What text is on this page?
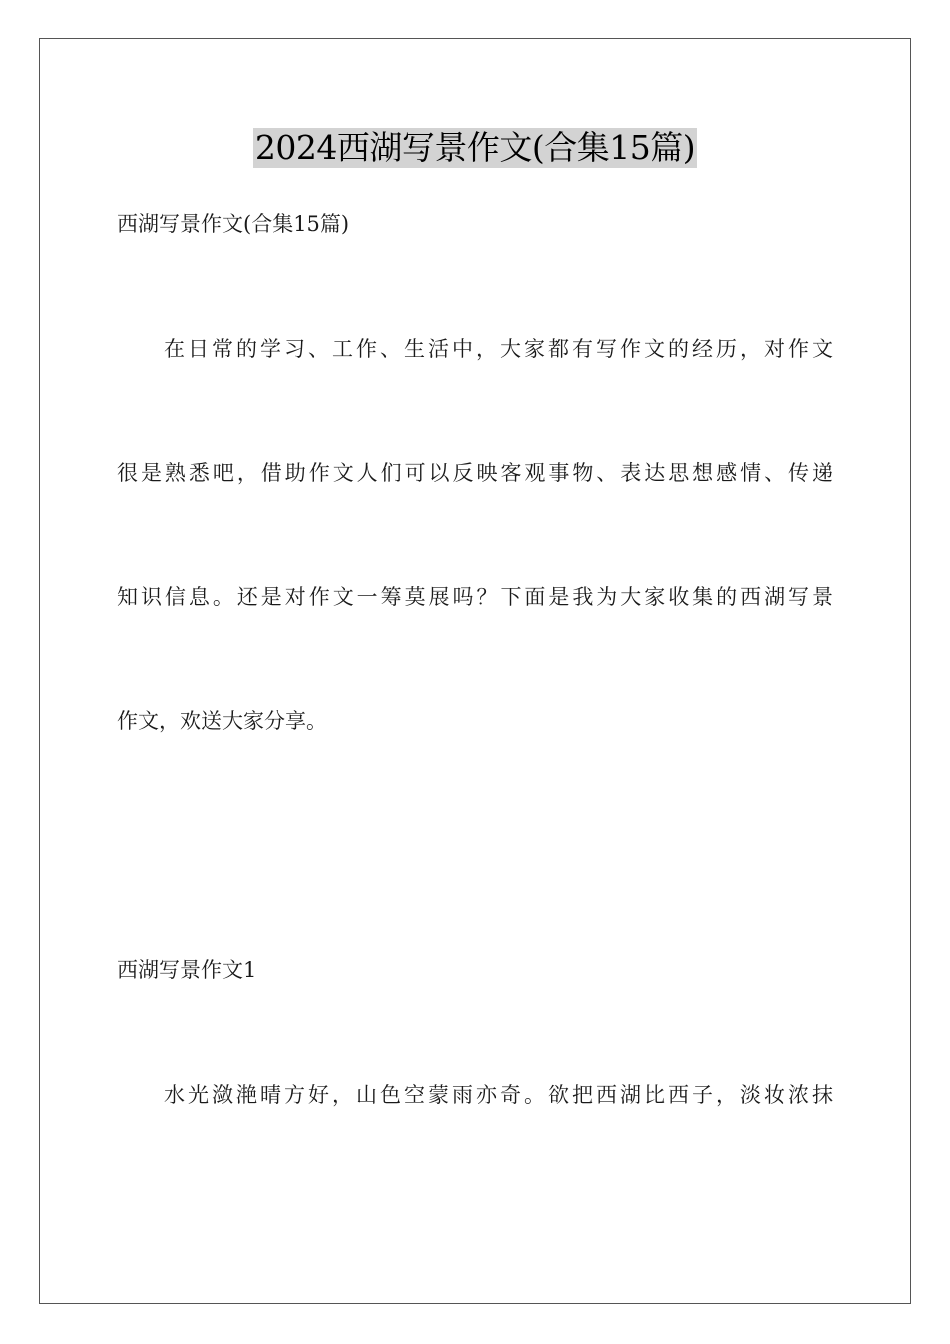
2024西湖写景作文(合集15篇)
西湖写景作文(合集15篇)
在日常的学习、工作、生活中，大家都有写作文的经历，对作文
很是熟悉吧，借助作文人们可以反映客观事物、表达思想感情、传递
知识信息。还是对作文一筹莫展吗？下面是我为大家收集的西湖写景
作文，欢送大家分享。
西湖写景作文1
水光潋滟晴方好，山色空蒙雨亦奇。欲把西湖比西子，淡妆浓抹
